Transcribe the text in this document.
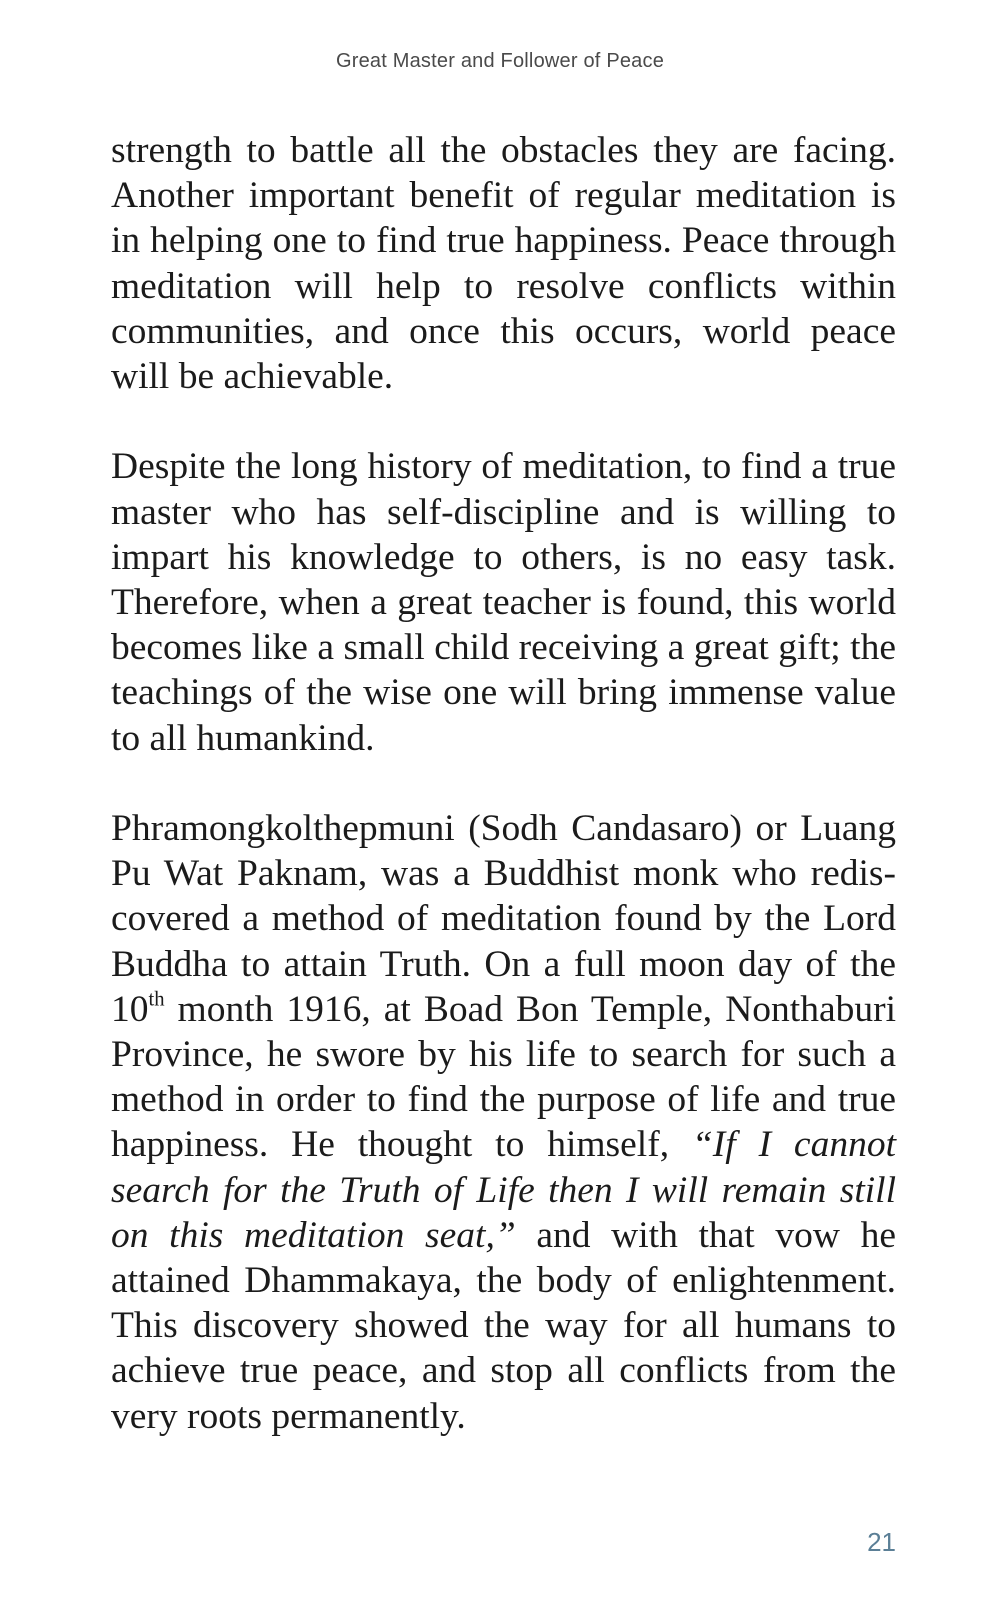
Great Master and Follower of Peace

strength to battle all the obstacles they are facing. Another important benefit of regular meditation is in helping one to find true happiness. Peace through meditation will help to resolve conflicts within communities, and once this occurs, world peace will be achievable.

Despite the long history of meditation, to find a true master who has self-discipline and is willing to impart his knowledge to others, is no easy task. Therefore, when a great teacher is found, this world becomes like a small child receiving a great gift; the teachings of the wise one will bring immense value to all humankind.

Phramongkolthepmuni (Sodh Candasaro) or Luang Pu Wat Paknam, was a Buddhist monk who rediscovered a method of meditation found by the Lord Buddha to attain Truth. On a full moon day of the 10th month 1916, at Boad Bon Temple, Nonthaburi Province, he swore by his life to search for such a method in order to find the purpose of life and true happiness. He thought to himself, “If I cannot search for the Truth of Life then I will remain still on this meditation seat,” and with that vow he attained Dhammakaya, the body of enlightenment. This discovery showed the way for all humans to achieve true peace, and stop all conflicts from the very roots permanently.

21
